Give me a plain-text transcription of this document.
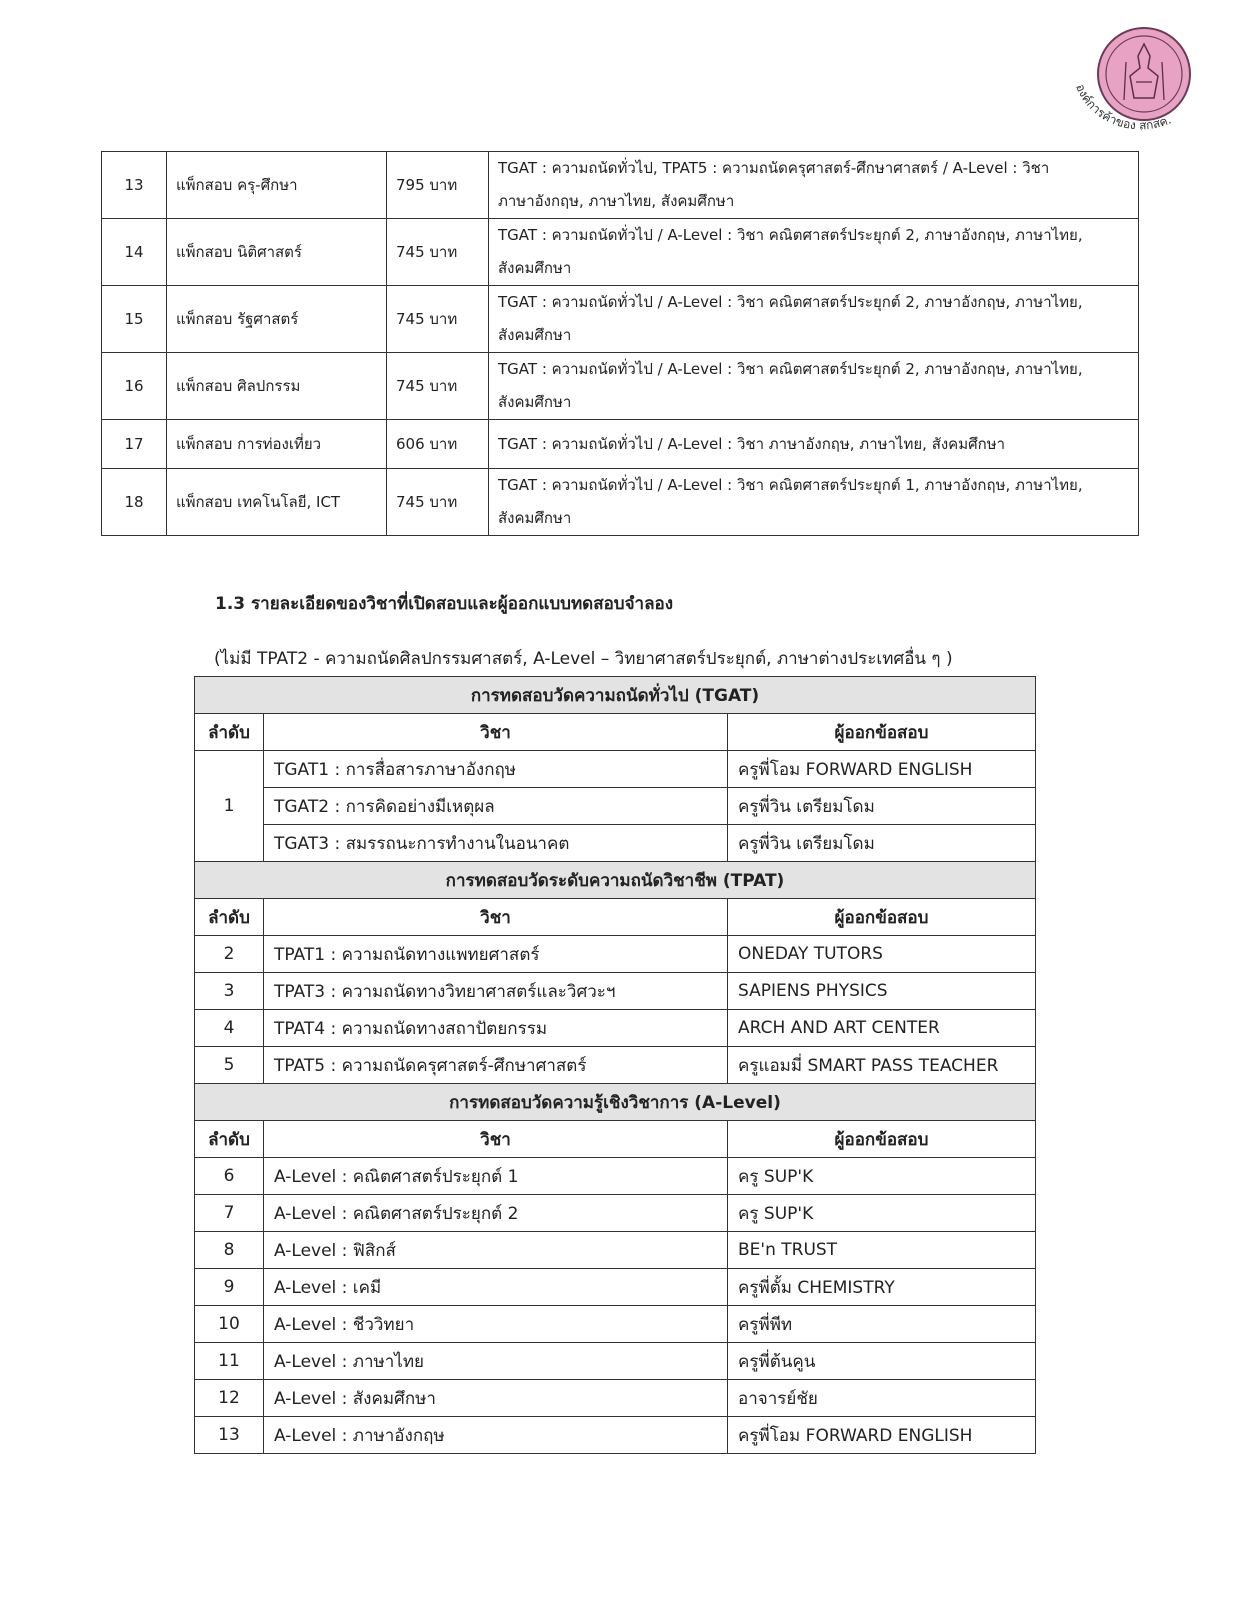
องค์การค้าของ สกสค.
13	แพ็กสอบ ครุ-ศึกษา	795 บาท	TGAT : ความถนัดทั่วไป, TPAT5 : ความถนัดครุศาสตร์-ศึกษาศาสตร์ / A-Level : วิชา
ภาษาอังกฤษ, ภาษาไทย, สังคมศึกษา

14	แพ็กสอบ นิติศาสตร์	745 บาท	TGAT : ความถนัดทั่วไป / A-Level : วิชา คณิตศาสตร์ประยุกต์ 2, ภาษาอังกฤษ, ภาษาไทย,
สังคมศึกษา

15	แพ็กสอบ รัฐศาสตร์	745 บาท	TGAT : ความถนัดทั่วไป / A-Level : วิชา คณิตศาสตร์ประยุกต์ 2, ภาษาอังกฤษ, ภาษาไทย,
สังคมศึกษา

16	แพ็กสอบ ศิลปกรรม	745 บาท	TGAT : ความถนัดทั่วไป / A-Level : วิชา คณิตศาสตร์ประยุกต์ 2, ภาษาอังกฤษ, ภาษาไทย,
สังคมศึกษา

17	แพ็กสอบ การท่องเที่ยว	606 บาท	TGAT : ความถนัดทั่วไป / A-Level : วิชา ภาษาอังกฤษ, ภาษาไทย, สังคมศึกษา

18	แพ็กสอบ เทคโนโลยี, ICT	745 บาท	TGAT : ความถนัดทั่วไป / A-Level : วิชา คณิตศาสตร์ประยุกต์ 1, ภาษาอังกฤษ, ภาษาไทย,
สังคมศึกษา
1.3 รายละเอียดของวิชาที่เปิดสอบและผู้ออกแบบทดสอบจำลอง

(ไม่มี TPAT2 - ความถนัดศิลปกรรมศาสตร์, A-Level – วิทยาศาสตร์ประยุกต์, ภาษาต่างประเทศอื่น ๆ )

การทดสอบวัดความถนัดทั่วไป (TGAT)		
ลำดับ	วิชา	ผู้ออกข้อสอบ
1	TGAT1 : การสื่อสารภาษาอังกฤษ	ครูพี่โอม FORWARD ENGLISH
	TGAT2 : การคิดอย่างมีเหตุผล	ครูพี่วิน เตรียมโดม
	TGAT3 : สมรรถนะการทำงานในอนาคต	ครูพี่วิน เตรียมโดม
การทดสอบวัดระดับความถนัดวิชาชีพ (TPAT)		
ลำดับ	วิชา	ผู้ออกข้อสอบ
2	TPAT1 : ความถนัดทางแพทยศาสตร์	ONEDAY TUTORS
3	TPAT3 : ความถนัดทางวิทยาศาสตร์และวิศวะฯ	SAPIENS PHYSICS
4	TPAT4 : ความถนัดทางสถาปัตยกรรม	ARCH AND ART CENTER
5	TPAT5 : ความถนัดครุศาสตร์-ศึกษาศาสตร์	ครูแอมมี่ SMART PASS TEACHER
การทดสอบวัดความรู้เชิงวิชาการ (A-Level)		
ลำดับ	วิชา	ผู้ออกข้อสอบ
6	A-Level : คณิตศาสตร์ประยุกต์ 1	ครู SUP'K
7	A-Level : คณิตศาสตร์ประยุกต์ 2	ครู SUP'K
8	A-Level : ฟิสิกส์	BE'n TRUST
9	A-Level : เคมี	ครูพี่ตั้ม CHEMISTRY
10	A-Level : ชีววิทยา	ครูพี่พีท
11	A-Level : ภาษาไทย	ครูพี่ต้นคูน
12	A-Level : สังคมศึกษา	อาจารย์ชัย
13	A-Level : ภาษาอังกฤษ	ครูพี่โอม FORWARD ENGLISH
